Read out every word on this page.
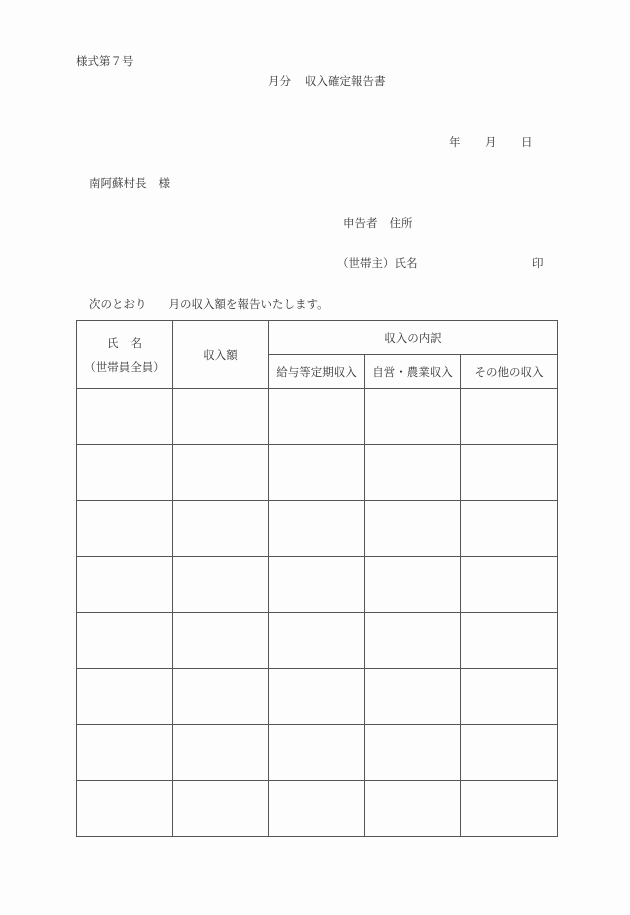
様式第７号
月分 収入確定報告書
年 月 日
南阿蘇村長 様
申告者 住所
（世帯主）氏名	印
次のとおり 月の収入額を報告いたします。
氏 名
（世帯員全員）	収入額	収入の内訳		
		給与等定期収入	自営・農業収入	その他の収入
